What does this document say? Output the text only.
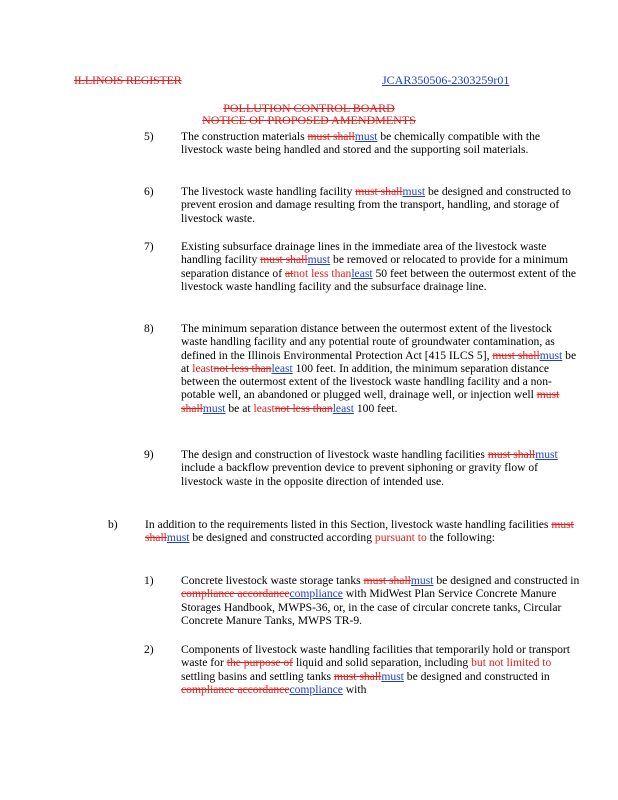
ILLINOIS REGISTER	JCAR350506-2303259r01
POLLUTION CONTROL BOARD
NOTICE OF PROPOSED AMENDMENTS
5) The construction materials must shallmust be chemically compatible with the livestock waste being handled and stored and the supporting soil materials.
6) The livestock waste handling facility must shallmust be designed and constructed to prevent erosion and damage resulting from the transport, handling, and storage of livestock waste.
7) Existing subsurface drainage lines in the immediate area of the livestock waste handling facility must shallmust be removed or relocated to provide for a minimum separation distance of atnot less thanleast 50 feet between the outermost extent of the livestock waste handling facility and the subsurface drainage line.
8) The minimum separation distance between the outermost extent of the livestock waste handling facility and any potential route of groundwater contamination, as defined in the Illinois Environmental Protection Act [415 ILCS 5], must shallmust be at leastnot less thanleast 100 feet. In addition, the minimum separation distance between the outermost extent of the livestock waste handling facility and a non-potable well, an abandoned or plugged well, drainage well, or injection well must shallmust be at leastnot less thanleast 100 feet.
9) The design and construction of livestock waste handling facilities must shallmust include a backflow prevention device to prevent siphoning or gravity flow of livestock waste in the opposite direction of intended use.
b) In addition to the requirements listed in this Section, livestock waste handling facilities must shallmust be designed and constructed according pursuant to the following:
1) Concrete livestock waste storage tanks must shallmust be designed and constructed in compliance accordancecompliance with MidWest Plan Service Concrete Manure Storages Handbook, MWPS-36, or, in the case of circular concrete tanks, Circular Concrete Manure Tanks, MWPS TR-9.
2) Components of livestock waste handling facilities that temporarily hold or transport waste for the purpose of liquid and solid separation, including but not limited to settling basins and settling tanks must shallmust be designed and constructed in compliance accordancecompliance with
